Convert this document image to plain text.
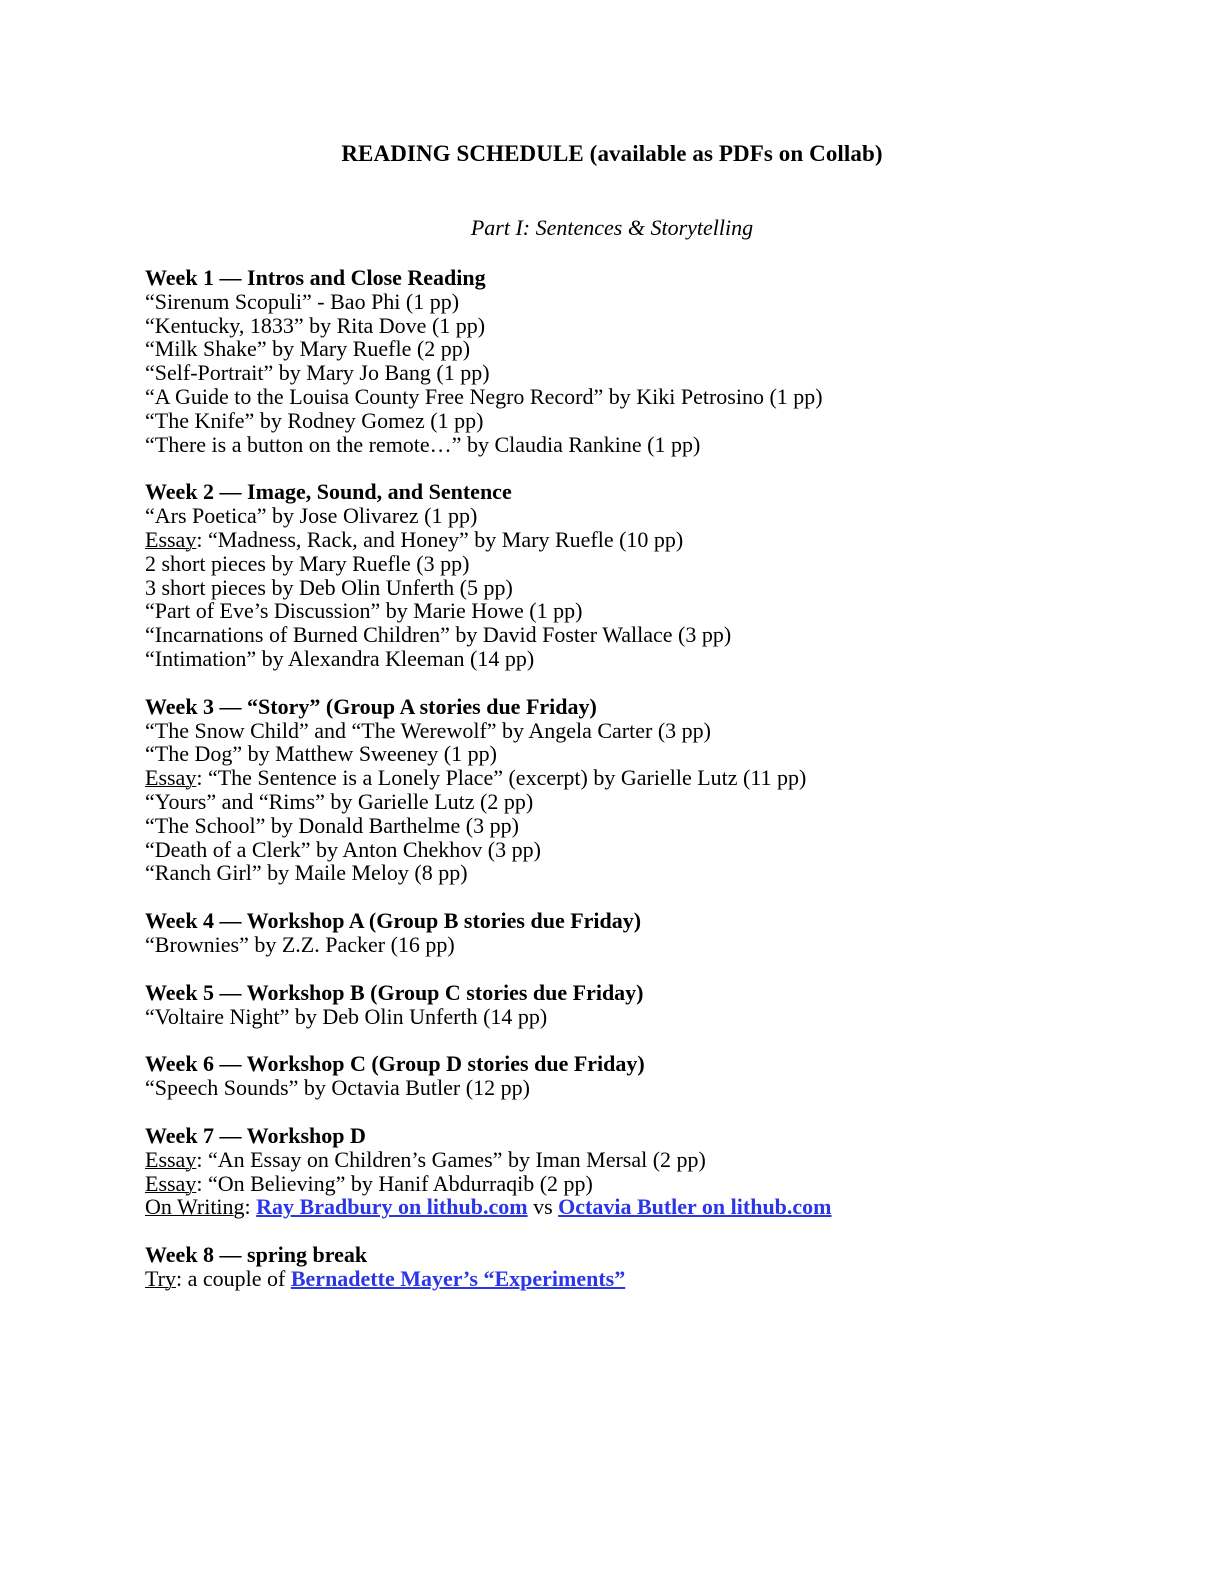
READING SCHEDULE (available as PDFs on Collab)
Part I: Sentences & Storytelling
Week 1 — Intros and Close Reading
“Sirenum Scopuli” - Bao Phi (1 pp)
“Kentucky, 1833” by Rita Dove (1 pp)
“Milk Shake” by Mary Ruefle (2 pp)
“Self-Portrait” by Mary Jo Bang (1 pp)
“A Guide to the Louisa County Free Negro Record” by Kiki Petrosino (1 pp)
“The Knife” by Rodney Gomez (1 pp)
“There is a button on the remote…” by Claudia Rankine (1 pp)
Week 2 — Image, Sound, and Sentence
“Ars Poetica” by Jose Olivarez (1 pp)
Essay: “Madness, Rack, and Honey” by Mary Ruefle (10 pp)
2 short pieces by Mary Ruefle (3 pp)
3 short pieces by Deb Olin Unferth (5 pp)
“Part of Eve’s Discussion” by Marie Howe (1 pp)
“Incarnations of Burned Children” by David Foster Wallace (3 pp)
“Intimation” by Alexandra Kleeman (14 pp)
Week 3 — “Story” (Group A stories due Friday)
“The Snow Child” and “The Werewolf” by Angela Carter (3 pp)
“The Dog” by Matthew Sweeney (1 pp)
Essay: “The Sentence is a Lonely Place” (excerpt) by Garielle Lutz (11 pp)
“Yours” and “Rims” by Garielle Lutz (2 pp)
“The School” by Donald Barthelme (3 pp)
“Death of a Clerk” by Anton Chekhov (3 pp)
“Ranch Girl” by Maile Meloy (8 pp)
Week 4 — Workshop A (Group B stories due Friday)
“Brownies” by Z.Z. Packer (16 pp)
Week 5 — Workshop B (Group C stories due Friday)
“Voltaire Night” by Deb Olin Unferth (14 pp)
Week 6 — Workshop C (Group D stories due Friday)
“Speech Sounds” by Octavia Butler (12 pp)
Week 7 — Workshop D
Essay: “An Essay on Children’s Games” by Iman Mersal (2 pp)
Essay: “On Believing” by Hanif Abdurraqib (2 pp)
On Writing: Ray Bradbury on lithub.com vs Octavia Butler on lithub.com
Week 8 — spring break
Try: a couple of Bernadette Mayer’s “Experiments”
